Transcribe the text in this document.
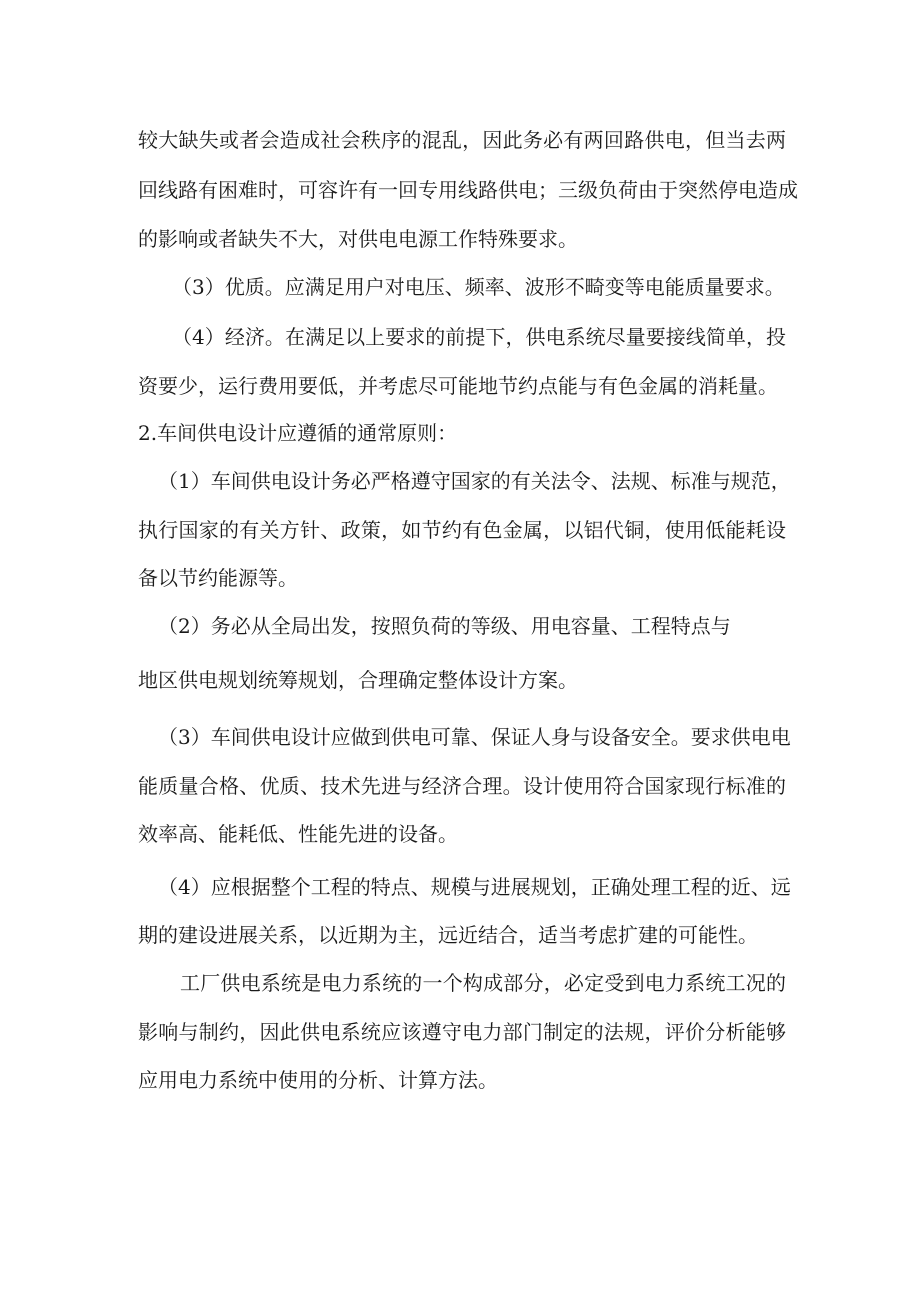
较大缺失或者会造成社会秩序的混乱，因此务必有两回路供电，但当去两
回线路有困难时，可容许有一回专用线路供电；三级负荷由于突然停电造成
的影响或者缺失不大，对供电电源工作特殊要求。
（3）优质。应满足用户对电压、频率、波形不畸变等电能质量要求。
（4）经济。在满足以上要求的前提下，供电系统尽量要接线简单，投
资要少，运行费用要低，并考虑尽可能地节约点能与有色金属的消耗量。
2.车间供电设计应遵循的通常原则：
（1）车间供电设计务必严格遵守国家的有关法令、法规、标准与规范，
执行国家的有关方针、政策，如节约有色金属，以铝代铜，使用低能耗设
备以节约能源等。
（2）务必从全局出发，按照负荷的等级、用电容量、工程特点与
地区供电规划统筹规划，合理确定整体设计方案。
（3）车间供电设计应做到供电可靠、保证人身与设备安全。要求供电电
能质量合格、优质、技术先进与经济合理。设计使用符合国家现行标准的
效率高、能耗低、性能先进的设备。
（4）应根据整个工程的特点、规模与进展规划，正确处理工程的近、远
期的建设进展关系，以近期为主，远近结合，适当考虑扩建的可能性。
工厂供电系统是电力系统的一个构成部分，必定受到电力系统工况的
影响与制约，因此供电系统应该遵守电力部门制定的法规，评价分析能够
应用电力系统中使用的分析、计算方法。
